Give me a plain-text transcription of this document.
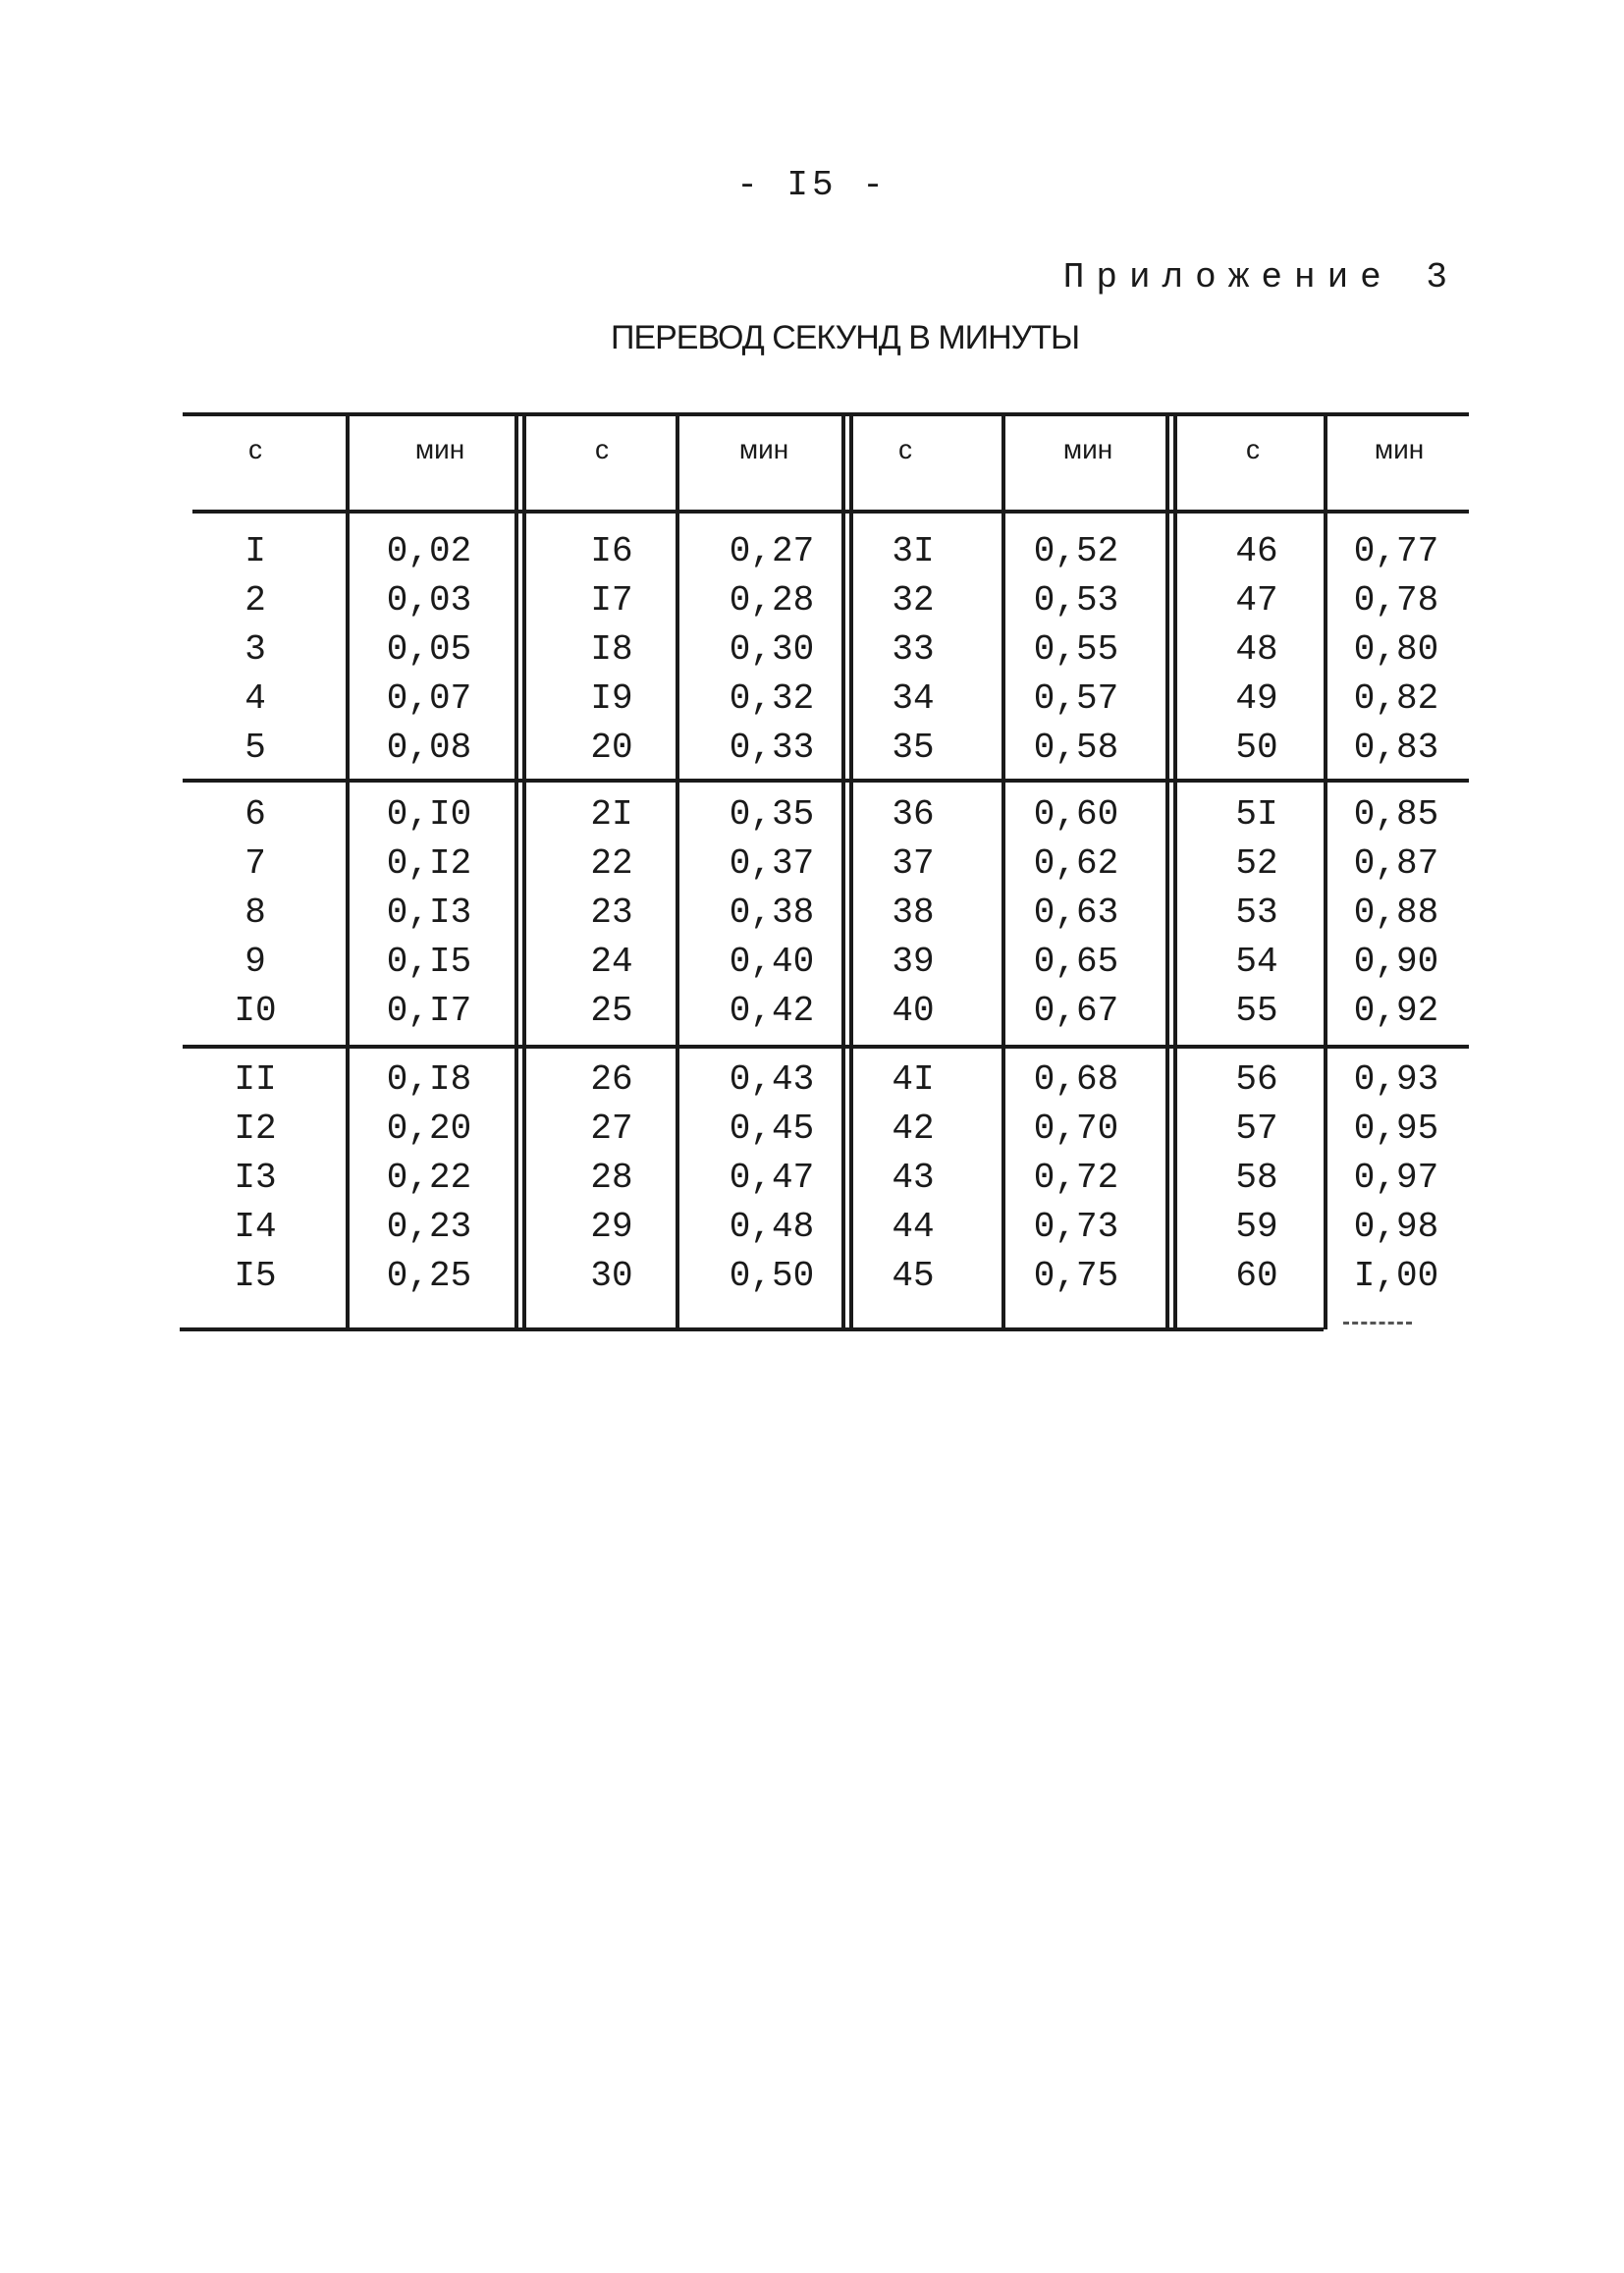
- I5 -
Приложение 3
ПЕРЕВОД СЕКУНД В МИНУТЫ
с	мин	с	мин	с	мин	с	мин
I	0,02	I6	0,27	3I	0,52	46	0,77
2	0,03	I7	0,28	32	0,53	47	0,78
3	0,05	I8	0,30	33	0,55	48	0,80
4	0,07	I9	0,32	34	0,57	49	0,82
5	0,08	20	0,33	35	0,58	50	0,83
6	0,I0	2I	0,35	36	0,60	5I	0,85
7	0,I2	22	0,37	37	0,62	52	0,87
8	0,I3	23	0,38	38	0,63	53	0,88
9	0,I5	24	0,40	39	0,65	54	0,90
I0	0,I7	25	0,42	40	0,67	55	0,92
II	0,I8	26	0,43	4I	0,68	56	0,93
I2	0,20	27	0,45	42	0,70	57	0,95
I3	0,22	28	0,47	43	0,72	58	0,97
I4	0,23	29	0,48	44	0,73	59	0,98
I5	0,25	30	0,50	45	0,75	60	I,00
